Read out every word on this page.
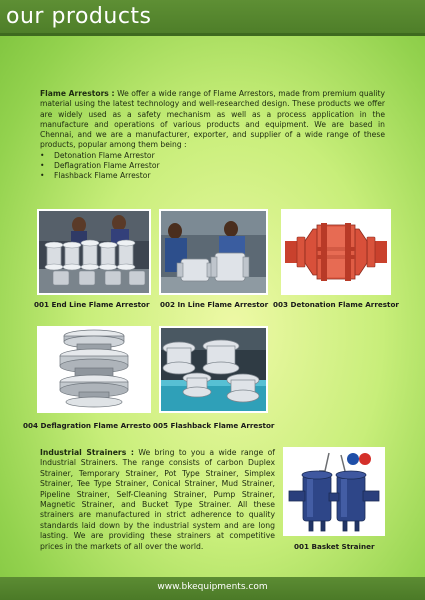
our products
Flame Arrestors : We offer a wide range of Flame Arrestors, made from premium quality material using the latest technology and well-researched design. These products we offer are widely used as a safety mechanism as well as a process application in the manufacture and operations of various products and equipment. We are based in Chennai, and we are a manufacturer, exporter, and supplier of a wide range of these products, popular among them being :
• Detonation Flame Arrestor
• Deflagration Flame Arrestor
• Flashback Flame Arrestor
001 End Line Flame Arrestor 002 In Line Flame Arrestor 003 Detonation Flame Arrestor
004 Deflagration Flame Arresto 005 Flashback Flame Arrestor
Industrial Strainers : We bring to you a wide range of Industrial Strainers. The range consists of carbon Duplex Strainer, Temporary Strainer, Pot Type Strainer, Simplex Strainer, Tee Type Strainer, Conical Strainer, Mud Strainer, Pipeline Strainer, Self-Cleaning Strainer, Pump Strainer, Magnetic Strainer, and Bucket Type Strainer. All these strainers are manufactured in strict adherence to quality standards laid down by the industrial system and are long lasting. We are providing these strainers at competitive prices in the markets of all over the world.	001 Basket Strainer
www.bkequipments.com
